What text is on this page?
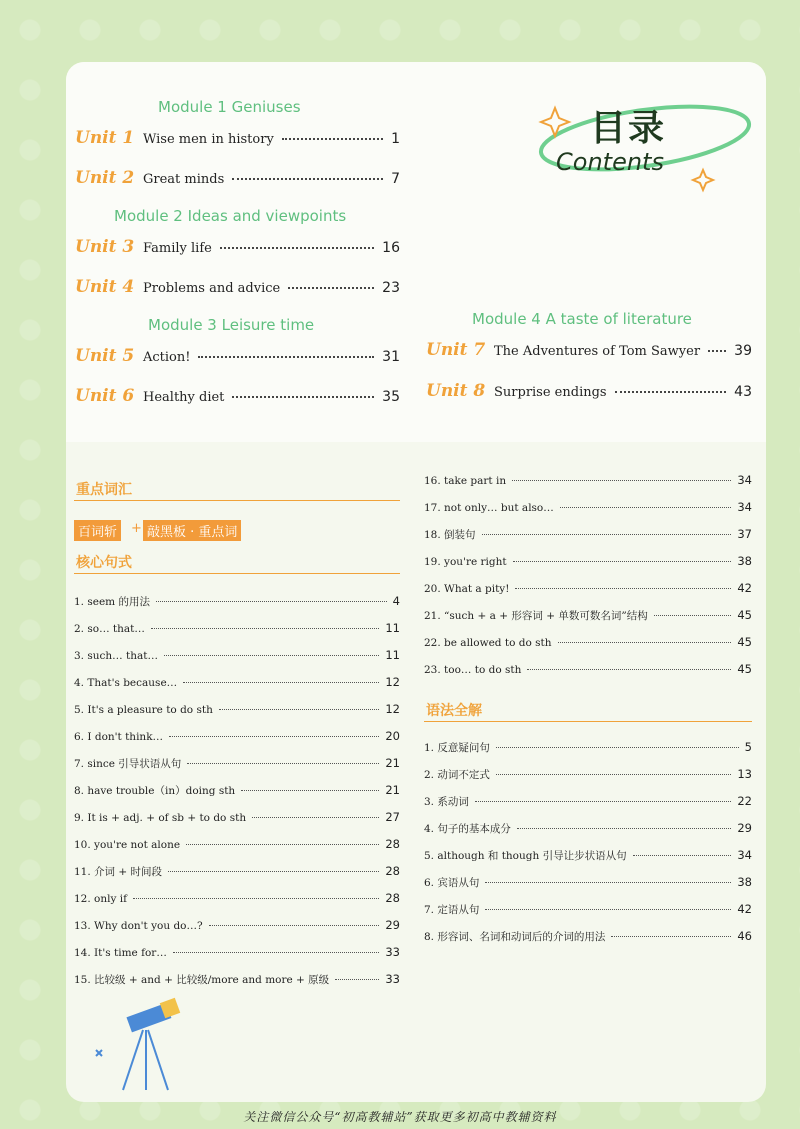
目录
Contents
Module 1 Geniuses
Module 2 Ideas and viewpoints
Module 3 Leisure time	Module 4 A taste of literature
Unit 1 Wise men in history	1
Unit 2 Great minds	7
Unit 3 Family life	16
Unit 4 Problems and advice	23
Unit 5 Action!	31
Unit 6 Healthy diet	35
Unit 7 The Adventures of Tom Sawyer 39
Unit 8 Surprise endings	43
重点词汇
百词斩	+ 敲黑板 · 重点词
核心句式
1. seem 的用法	4
2. so… that…	11
3. such… that…	11
4. That's because…	12
5. It's a pleasure to do sth	12
6. I don't think…	20
7. since 引导状语从句	21
8. have trouble（in）doing sth	21
9. It is + adj. + of sb + to do sth	27
10. you're not alone	28
11. 介词 + 时间段	28
12. only if	28
13. Why don't you do…?	29
14. It's time for…	33
15. 比较级 + and + 比较级/more and more + 原级	33
16. take part in	34
17. not only… but also…	34
18. 倒装句	37
19. you're right	38
20. What a pity!	42
21. “such + a + 形容词 + 单数可数名词”结构	45
22. be allowed to do sth	45
23. too… to do sth	45
语法全解
1. 反意疑问句	5
2. 动词不定式	13
3. 系动词	22
4. 句子的基本成分	29
5. although 和 though 引导让步状语从句	34
6. 宾语从句	38
7. 定语从句	42
8. 形容词、名词和动词后的介词的用法	46
关注微信公众号“初高教辅站”获取更多初高中教辅资料
